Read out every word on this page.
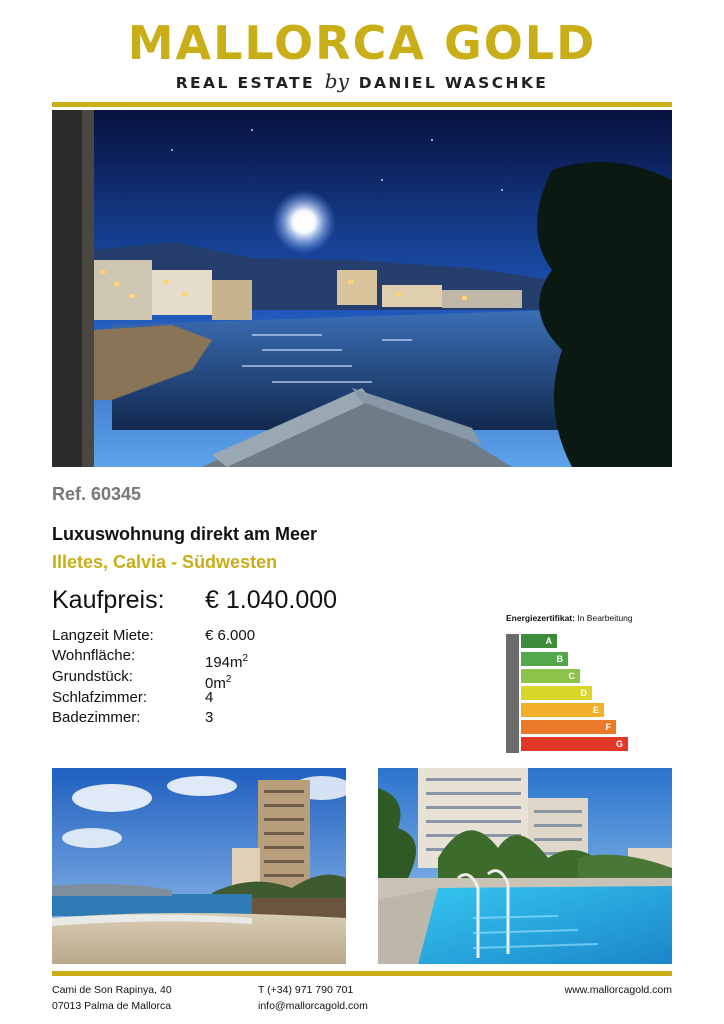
MALLORCA GOLD
REAL ESTATE by DANIEL WASCHKE
Ref. 60345
Luxuswohnung direkt am Meer
Illetes, Calvia - Südwesten
Kaufpreis: € 1.040.000
Langzeit Miete:	€ 6.000
Wohnfläche:	$194m^2$
Grundstück:	$0m^2$
Schlafzimmer:	4
Badezimmer:	3
Energiezertifikat: In Bearbeitung
A
B
C
D
E
F
G
Cami de Son Rapinya, 40
07013 Palma de Mallorca
T (+34) 971 790 701
info@mallorcagold.com
www.mallorcagold.com
